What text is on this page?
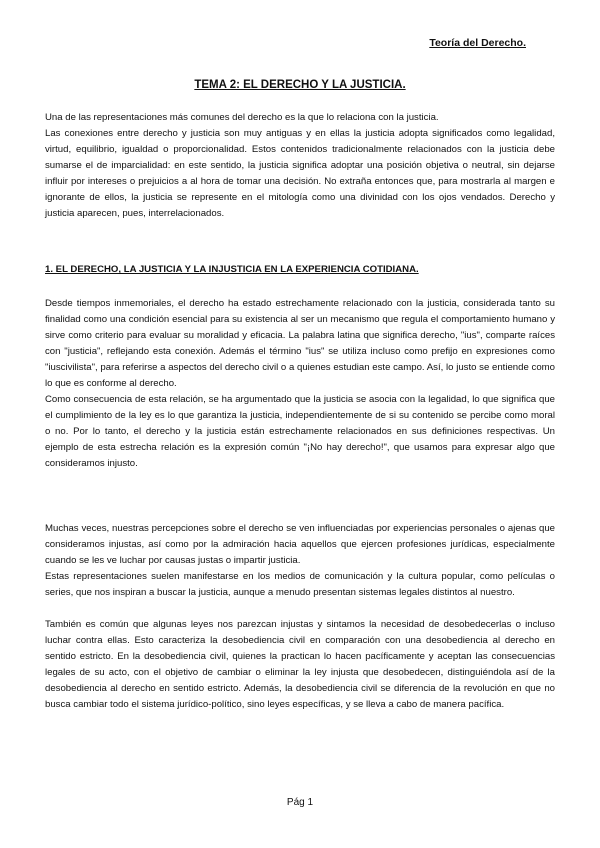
Teoría del Derecho.
TEMA 2: EL DERECHO Y LA JUSTICIA.

Una de las representaciones más comunes del derecho es la que lo relaciona con la justicia.

Las conexiones entre derecho y justicia son muy antiguas y en ellas la justicia adopta significados como legalidad, virtud, equilibrio, igualdad o proporcionalidad. Estos contenidos tradicionalmente relacionados con la justicia debe sumarse el de imparcialidad: en este sentido, la justicia significa adoptar una posición objetiva o neutral, sin dejarse influir por intereses o prejuicios a al hora de tomar una decisión. No extraña entonces que, para mostrarla al margen e ignorante de ellos, la justicia se represente en el mitología como una divinidad con los ojos vendados. Derecho y justicia aparecen, pues, interrelacionados.

1. EL DERECHO, LA JUSTICIA Y LA INJUSTICIA EN LA EXPERIENCIA COTIDIANA.

Desde tiempos inmemoriales, el derecho ha estado estrechamente relacionado con la justicia, considerada tanto su finalidad como una condición esencial para su existencia al ser un mecanismo que regula el comportamiento humano y sirve como criterio para evaluar su moralidad y eficacia. La palabra latina que significa derecho, "ius", comparte raíces con "justicia", reflejando esta conexión. Además el término "ius" se utiliza incluso como prefijo en expresiones como "iuscivilista", para referirse a aspectos del derecho civil o a quienes estudian este campo. Así, lo justo se entiende como lo que es conforme al derecho.

Como consecuencia de esta relación, se ha argumentado que la justicia se asocia con la legalidad, lo que significa que el cumplimiento de la ley es lo que garantiza la justicia, independientemente de si su contenido se percibe como moral o no. Por lo tanto, el derecho y la justicia están estrechamente relacionados en sus definiciones respectivas. Un ejemplo de esta estrecha relación es la expresión común "¡No hay derecho!", que usamos para expresar algo que consideramos injusto.

Muchas veces, nuestras percepciones sobre el derecho se ven influenciadas por experiencias personales o ajenas que consideramos injustas, así como por la admiración hacia aquellos que ejercen profesiones jurídicas, especialmente cuando se les ve luchar por causas justas o impartir justicia.

Estas representaciones suelen manifestarse en los medios de comunicación y la cultura popular, como películas o series, que nos inspiran a buscar la justicia, aunque a menudo presentan sistemas legales distintos al nuestro.

También es común que algunas leyes nos parezcan injustas y sintamos la necesidad de desobedecerlas o incluso luchar contra ellas. Esto caracteriza la desobediencia civil en comparación con una desobediencia al derecho en sentido estricto. En la desobediencia civil, quienes la practican lo hacen pacíficamente y aceptan las consecuencias legales de su acto, con el objetivo de cambiar o eliminar la ley injusta que desobedecen, distinguiéndola así de la desobediencia al derecho en sentido estricto. Además, la desobediencia civil se diferencia de la revolución en que no busca cambiar todo el sistema jurídico-político, sino leyes específicas, y se lleva a cabo de manera pacífica.

Pág 1
